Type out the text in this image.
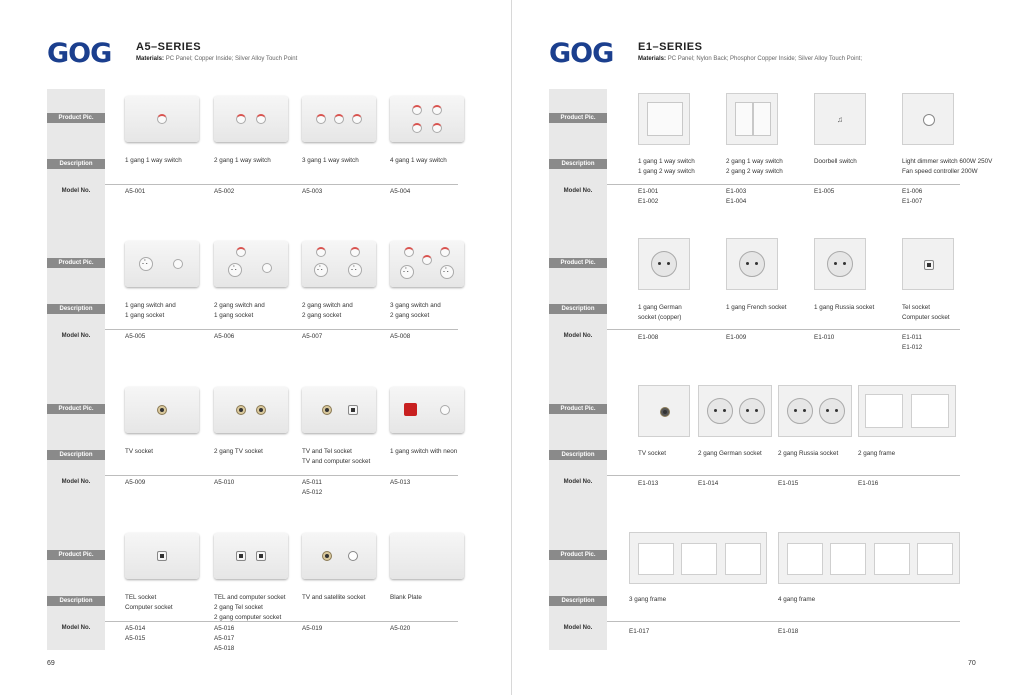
GOG A5–SERIES
Materials: PC Panel; Copper Inside; Silver Alloy Touch Point
Product Pic.
Description
Model No.
Product Pic.
Description
Model No.
Product Pic.
Description
Model No.
Product Pic.
Description
Model No.
1 gang 1 way switch
A5-001
2 gang 1 way switch
A5-002
3 gang 1 way switch
A5-003
4 gang 1 way switch
A5-004
∴
1 gang switch and
1 gang socket
A5-005
∴
2 gang switch and
1 gang socket
A5-006
∴
∴
2 gang switch and
2 gang socket
A5-007
∴
∴
3 gang switch and
2 gang socket
A5-008
TV socket
A5-009
2 gang TV socket
A5-010
TV and Tel socket
TV and computer socket
A5-011
A5-012
1 gang switch with neon
A5-013
TEL socket
Computer socket
A5-014
A5-015
TEL and computer socket
2 gang Tel socket
2 gang computer socket
A5-016
A5-017
A5-018
TV and satellite socket
A5-019
Blank Plate
A5-020
69
GOG E1–SERIES
Materials: PC Panel; Nylon Back; Phosphor Copper Inside; Silver Alloy Touch Point;
Product Pic.
Description
Model No.
Product Pic.
Description
Model No.
Product Pic.
Description
Model No.
Product Pic.
Description
Model No.
1 gang 1 way switch
1 gang 2 way switch
E1-001
E1-002
2 gang 1 way switch
2 gang 2 way switch
E1-003
E1-004
♫
Doorbell switch
E1-005
Light dimmer switch 600W 250V
Fan speed controller 200W
E1-006
E1-007
1 gang German
socket (copper)
E1-008
1 gang French socket
E1-009
1 gang Russia socket
E1-010
Tel socket
Computer socket
E1-011
E1-012
TV socket
E1-013
2 gang German socket
E1-014
2 gang Russia socket
E1-015
2 gang frame
E1-016
3 gang frame
E1-017
4 gang frame
E1-018
70
